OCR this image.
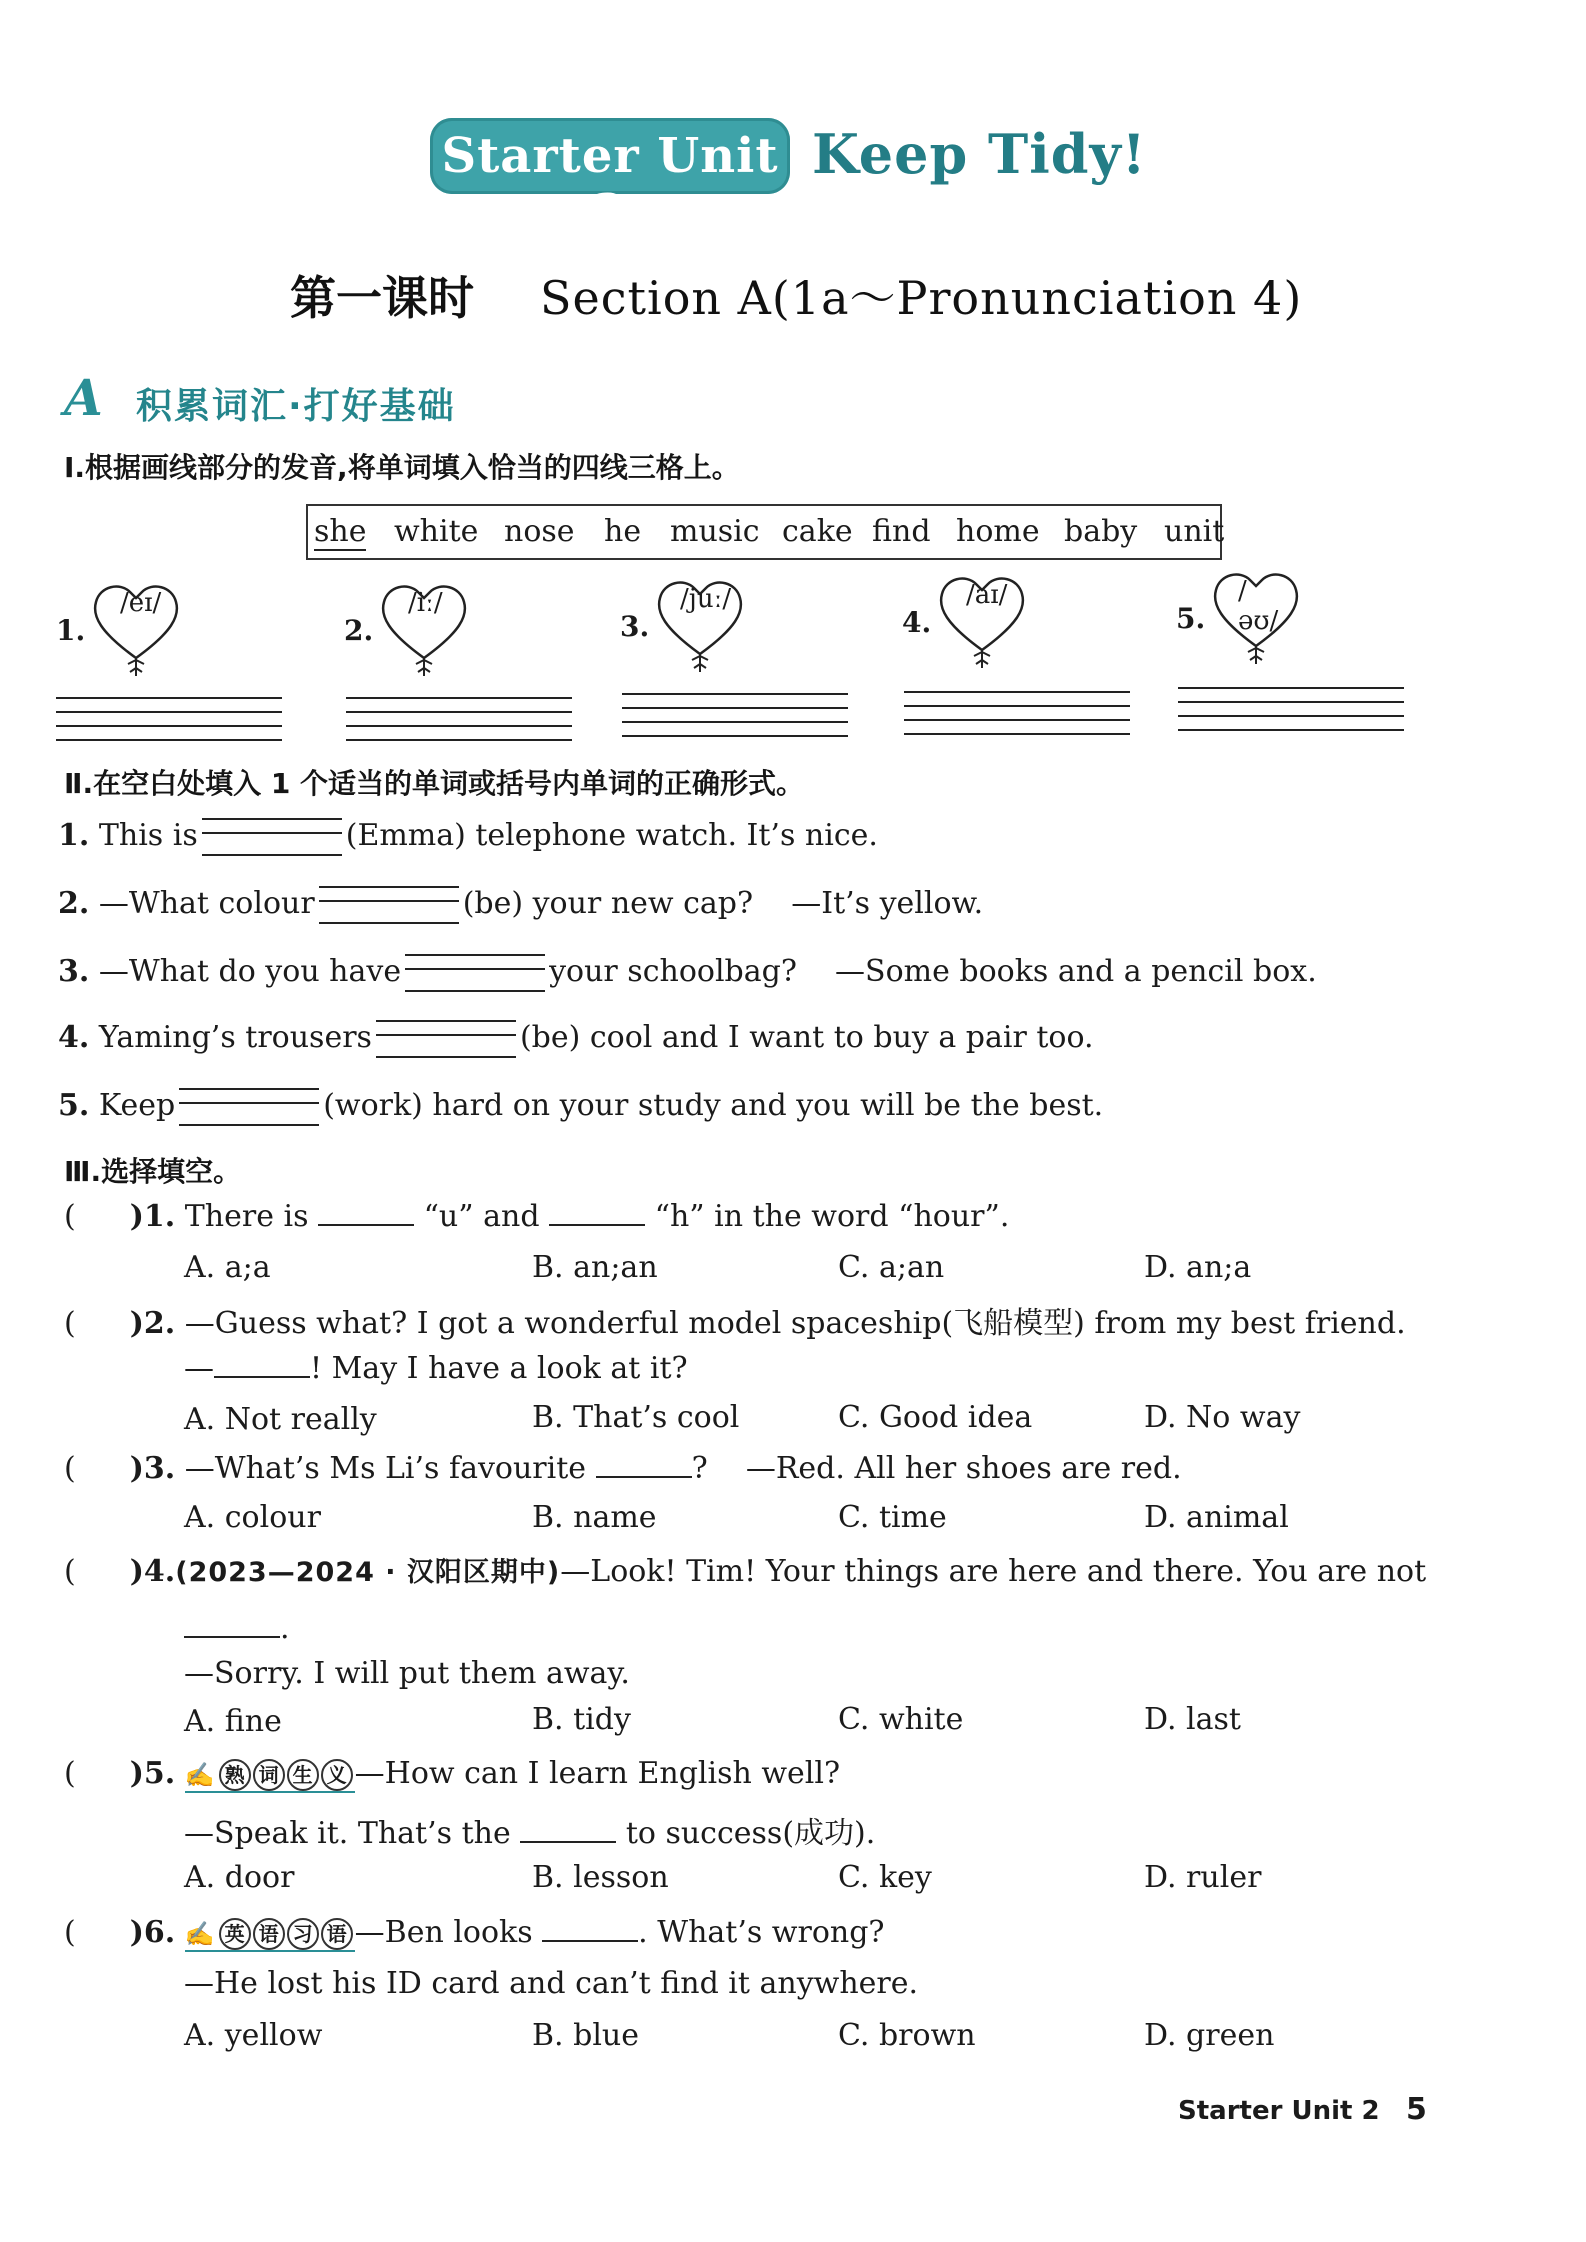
Starter Unit 2
Keep Tidy!
第一课时 Section A(1a～Pronunciation 4)
A 积累词汇·打好基础
Ⅰ.根据画线部分的发音,将单词填入恰当的四线三格上。
she white nose he music cake find home baby unit
1.
/eɪ/
2.
/iː/
3.
/juː/
4.
/aɪ/
5.
/əʊ/
Ⅱ.在空白处填入 1 个适当的单词或括号内单词的正确形式。
1. This is	(Emma) telephone watch. It’s nice.
2. —What colour	(be) your new cap?    —It’s yellow.
3. —What do you have	your schoolbag?    —Some books and a pencil box.
4. Yaming’s trousers	(be) cool and I want to buy a pair too.
5. Keep	(work) hard on your study and you will be the best.
Ⅲ.选择填空。
( )1. There is	“u” and	“h” in the word “hour”.
A. a;a	B. an;an	C. a;an	D. an;a
( )2. —Guess what? I got a wonderful model spaceship(飞船模型) from my best friend.
—	! May I have a look at it?
A. Not really	B. That’s cool	C. Good idea	D. No way
( )3. —What’s Ms Li’s favourite	?    —Red. All her shoes are red.
A. colour	B. name	C. time	D. animal
( )4.(2023—2024 · 汉阳区期中)—Look! Tim! Your things are here and there. You are not
.
—Sorry. I will put them away.
A. fine	B. tidy	C. white	D. last
( )5. ✍ 熟 词 生 义 —How can I learn English well?
—Speak it. That’s the	to success(成功).
A. door	B. lesson	C. key	D. ruler
( )6. ✍ 英 语 习 语 —Ben looks	. What’s wrong?
—He lost his ID card and can’t find it anywhere.
A. yellow	B. blue	C. brown	D. green
Starter Unit 2 5
